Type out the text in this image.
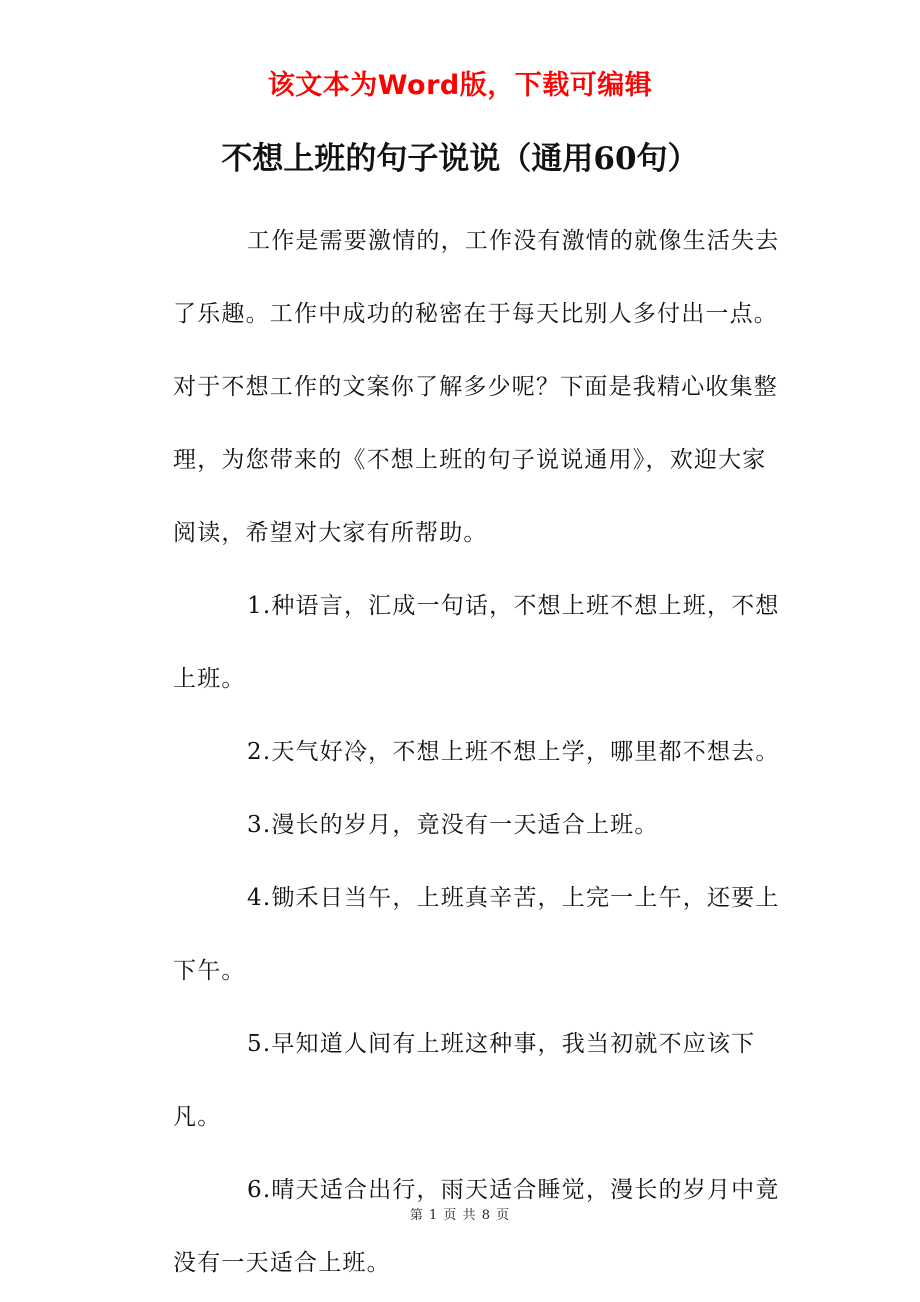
该文本为Word版，下载可编辑
不想上班的句子说说（通用60句）

工作是需要激情的，工作没有激情的就像生活失去了乐趣。工作中成功的秘密在于每天比别人多付出一点。对于不想工作的文案你了解多少呢？下面是我精心收集整理，为您带来的《不想上班的句子说说通用》，欢迎大家阅读，希望对大家有所帮助。

1.种语言，汇成一句话，不想上班不想上班，不想上班。

2.天气好冷，不想上班不想上学，哪里都不想去。

3.漫长的岁月，竟没有一天适合上班。

4.锄禾日当午，上班真辛苦，上完一上午，还要上下午。

5.早知道人间有上班这种事，我当初就不应该下凡。

6.晴天适合出行，雨天适合睡觉，漫长的岁月中竟没有一天适合上班。

第 1 页 共 8 页
